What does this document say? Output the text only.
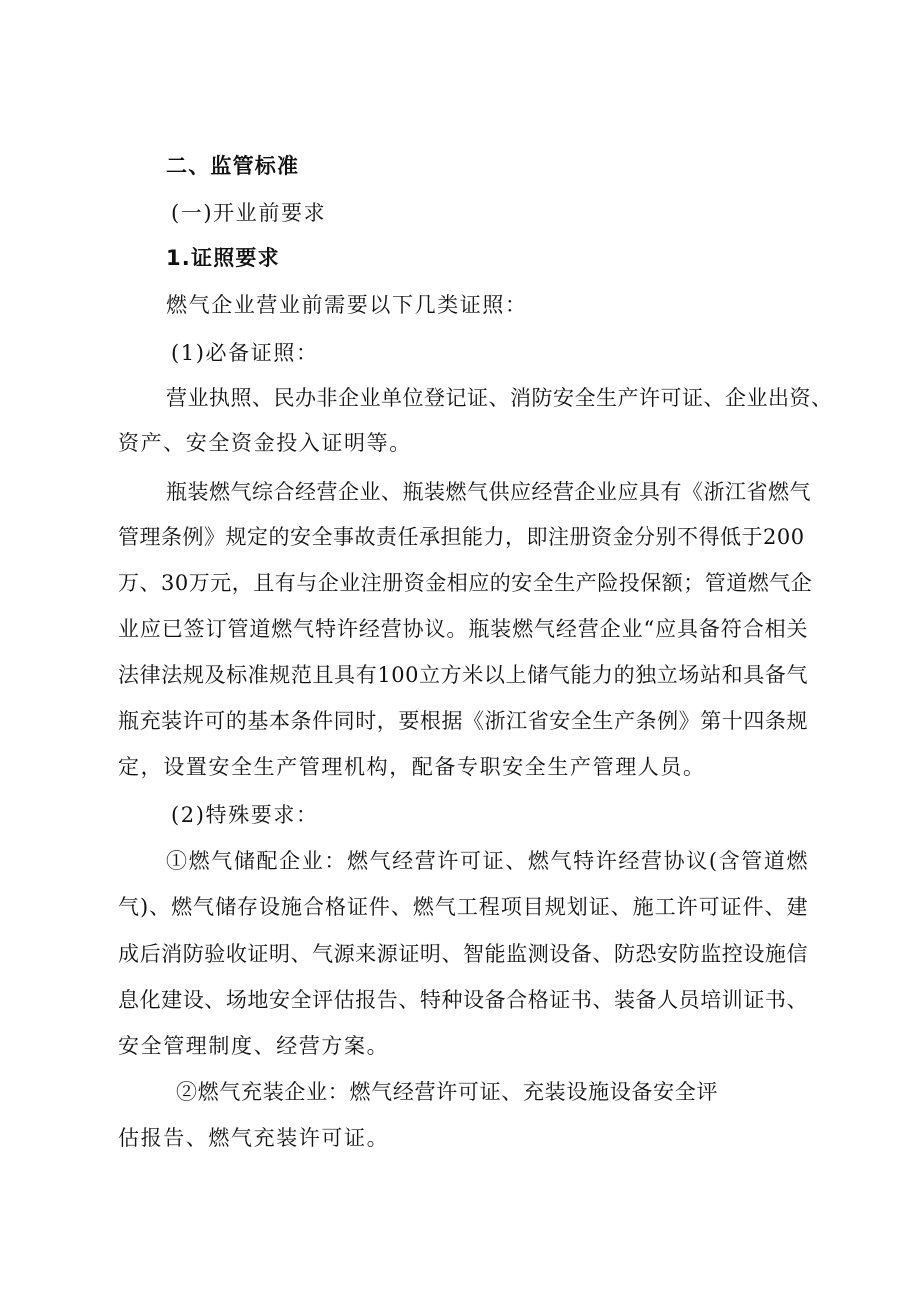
二、监管标准
(一)开业前要求
1.证照要求
燃气企业营业前需要以下几类证照：
(1)必备证照：
营业执照、民办非企业单位登记证、消防安全生产许可证、企业出资、
资产、安全资金投入证明等。
瓶装燃气综合经营企业、瓶装燃气供应经营企业应具有《浙江省燃气
管理条例》规定的安全事故责任承担能力，即注册资金分别不得低于200
万、30万元，且有与企业注册资金相应的安全生产险投保额；管道燃气企
业应已签订管道燃气特许经营协议。瓶装燃气经营企业“应具备符合相关
法律法规及标准规范且具有100立方米以上储气能力的独立场站和具备气
瓶充装许可的基本条件同时，要根据《浙江省安全生产条例》第十四条规
定，设置安全生产管理机构，配备专职安全生产管理人员。
(2)特殊要求：
①燃气储配企业：燃气经营许可证、燃气特许经营协议(含管道燃
气)、燃气储存设施合格证件、燃气工程项目规划证、施工许可证件、建
成后消防验收证明、气源来源证明、智能监测设备、防恐安防监控设施信
息化建设、场地安全评估报告、特种设备合格证书、装备人员培训证书、
安全管理制度、经营方案。
②燃气充装企业：燃气经营许可证、充装设施设备安全评
估报告、燃气充装许可证。
